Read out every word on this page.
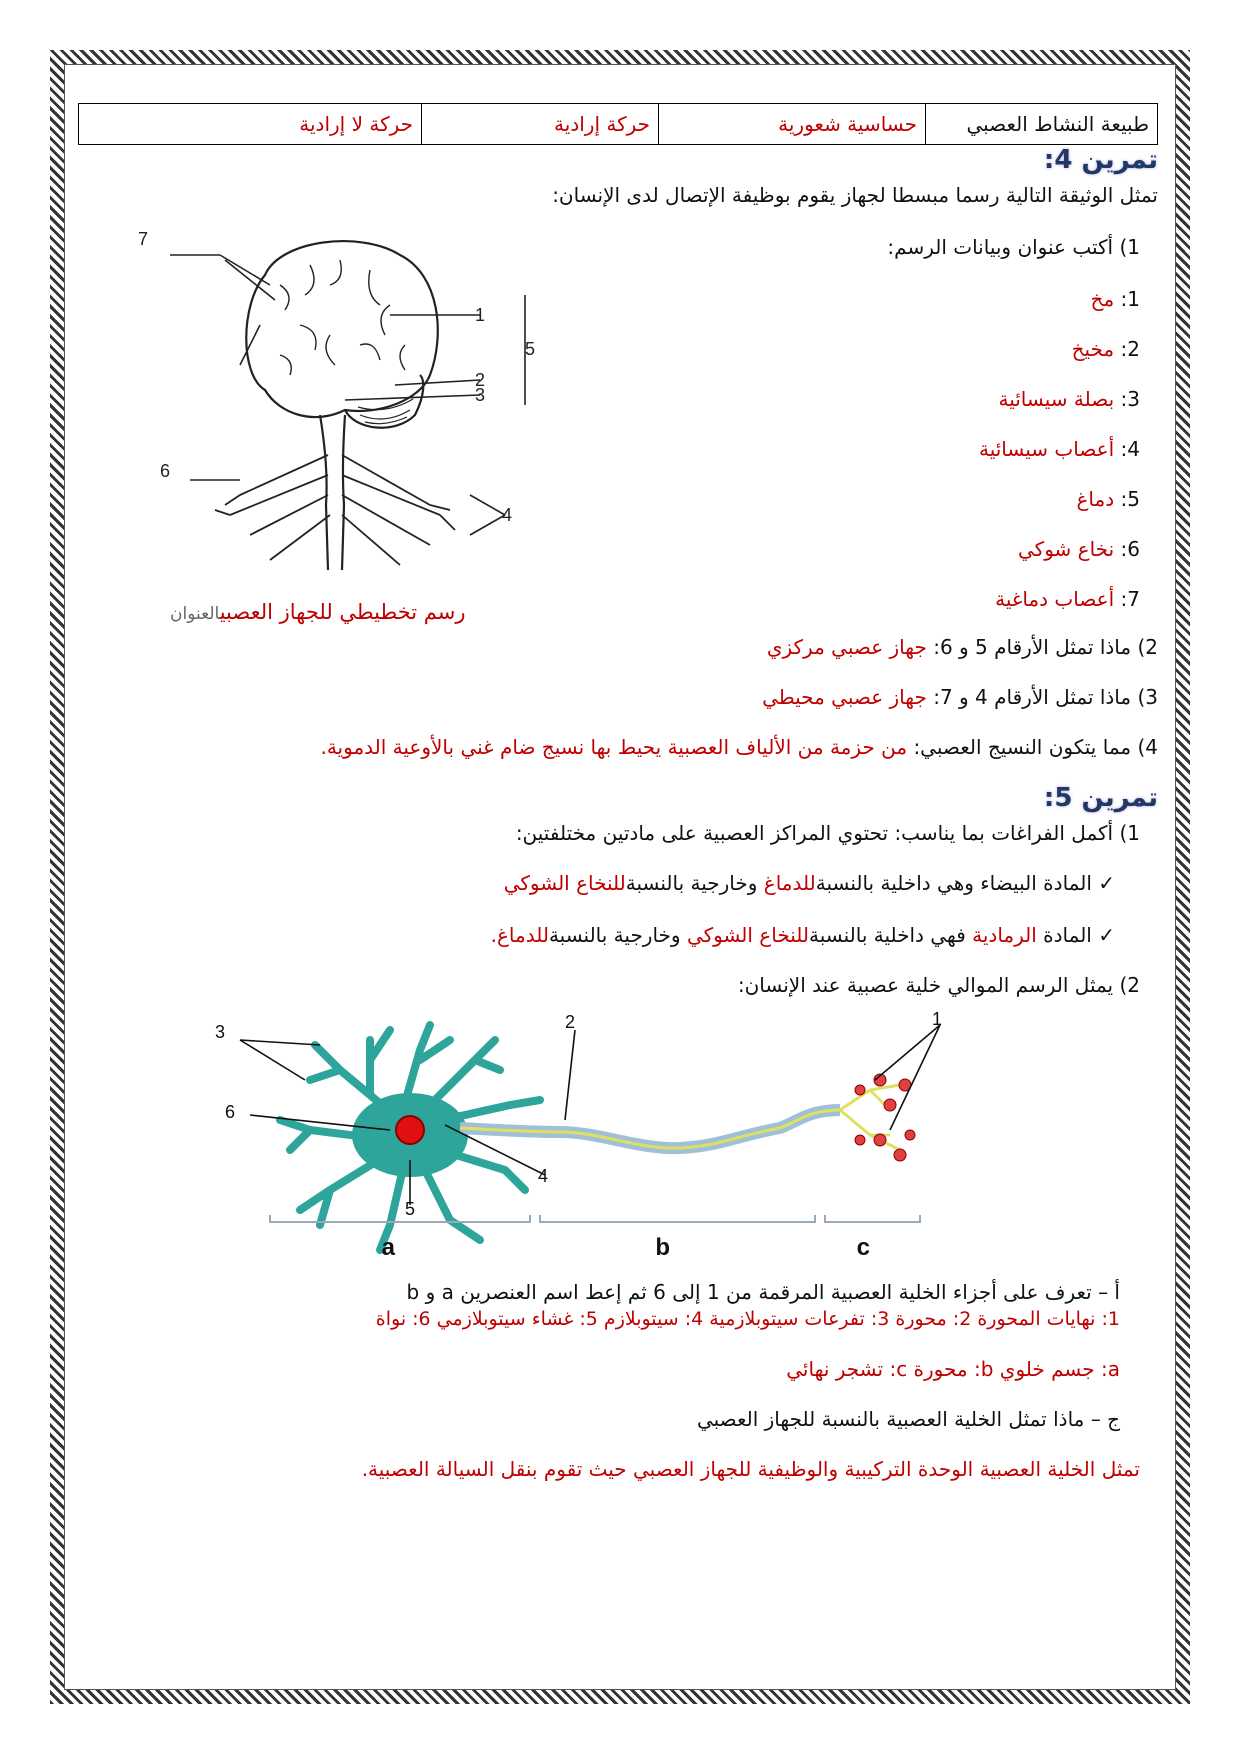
طبيعة النشاط العصبي	حساسية شعورية	حركة إرادية	حركة لا إرادية
تمرين 4:
تمثل الوثيقة التالية رسما مبسطا لجهاز يقوم بوظيفة الإتصال لدى الإنسان:
1) أكتب عنوان وبيانات الرسم:
1: مخ
2: مخيخ
3: بصلة سيسائية
4: أعصاب سيسائية
5: دماغ
6: نخاع شوكي
7: أعصاب دماغية
7
1
2
3
5
6
4
رسم تخطيطي للجهاز العصبيالعنوان
2) ماذا تمثل الأرقام 5 و 6: جهاز عصبي مركزي
3) ماذا تمثل الأرقام 4 و 7: جهاز عصبي محيطي
4) مما يتكون النسيج العصبي: من حزمة من الألياف العصبية يحيط بها نسيج ضام غني بالأوعية الدموية.
تمرين 5:
1) أكمل الفراغات بما يناسب: تحتوي المراكز العصبية على مادتين مختلفتين:
✓ المادة البيضاء وهي داخلية بالنسبةللدماغ وخارجية بالنسبةللنخاع الشوكي
✓ المادة الرمادية فهي داخلية بالنسبةللنخاع الشوكي وخارجية بالنسبةللدماغ.
2) يمثل الرسم الموالي خلية عصبية عند الإنسان:
3
6
2	1
4
5
a	b	c
أ – تعرف على أجزاء الخلية العصبية المرقمة من 1 إلى 6 ثم إعط اسم العنصرين a و b
1: نهايات المحورة 2: محورة 3: تفرعات سيتوبلازمية 4: سيتوبلازم 5: غشاء سيتوبلازمي 6: نواة
a: جسم خلوي b: محورة c: تشجر نهائي
ج – ماذا تمثل الخلية العصبية بالنسبة للجهاز العصبي
تمثل الخلية العصبية الوحدة التركيبية والوظيفية للجهاز العصبي حيث تقوم بنقل السيالة العصبية.
